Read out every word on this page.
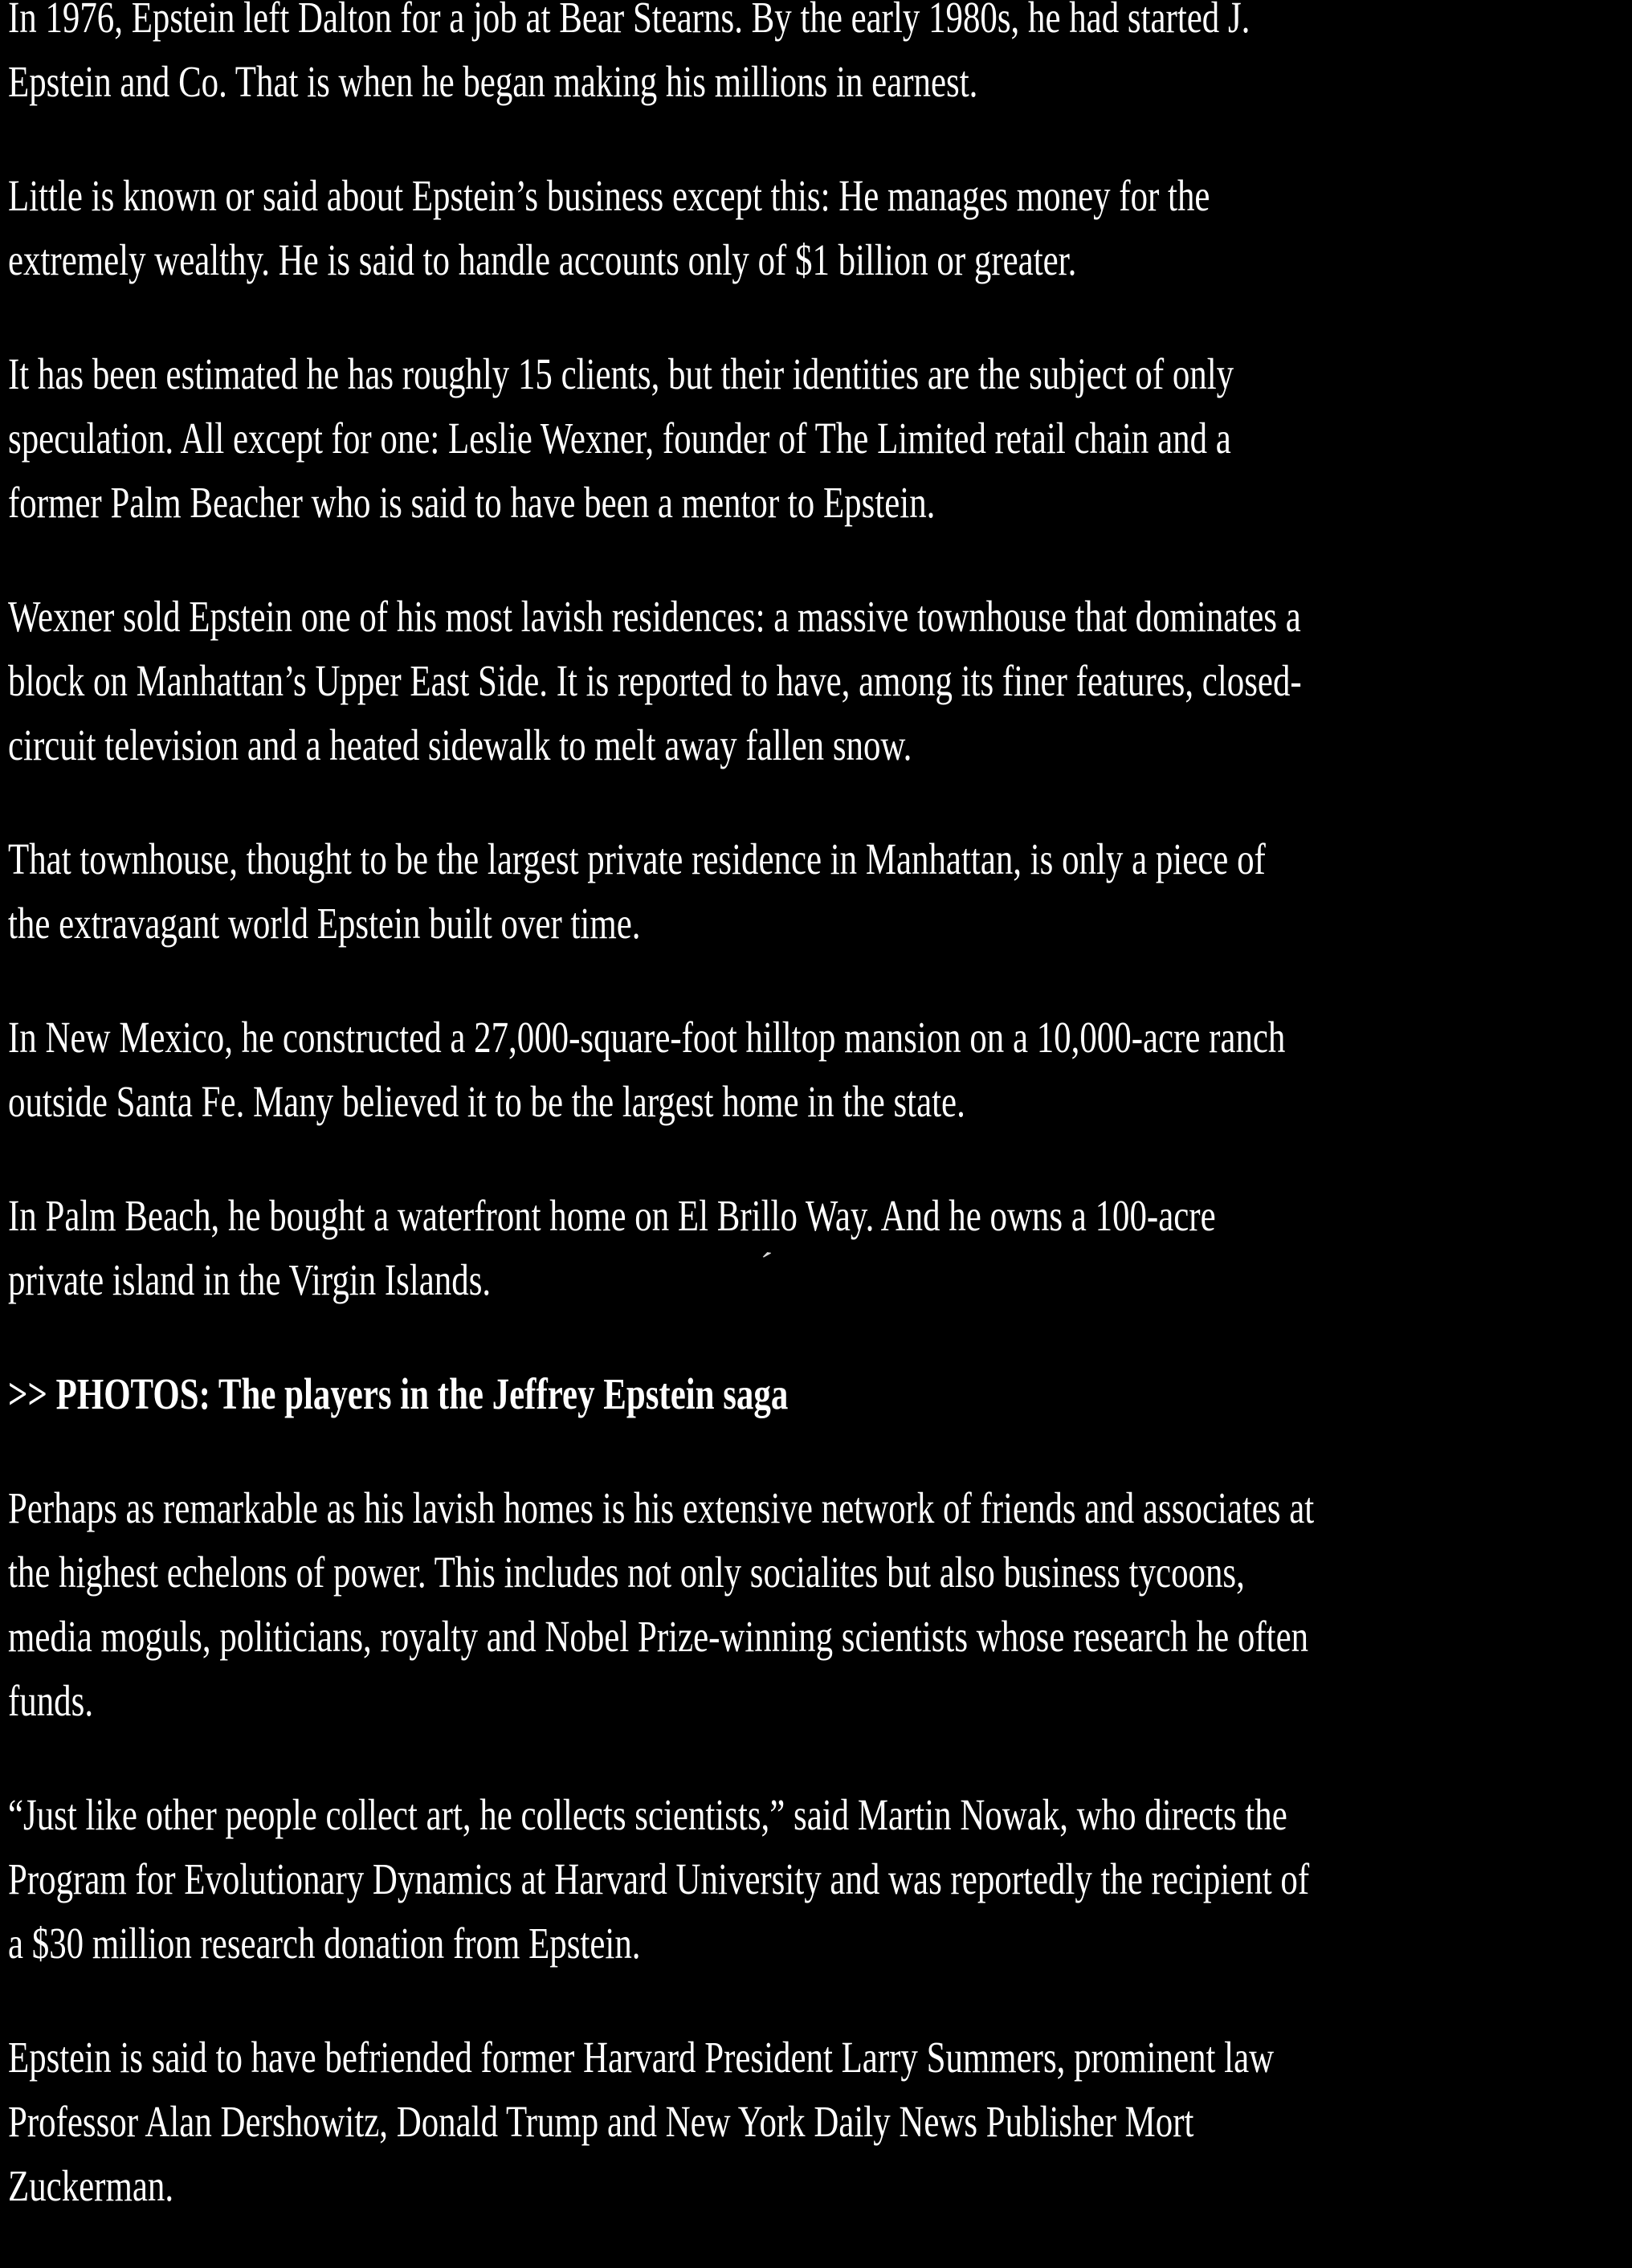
In 1976, Epstein left Dalton for a job at Bear Stearns. By the early 1980s, he had started J.
Epstein and Co. That is when he began making his millions in earnest.
Little is known or said about Epstein’s business except this: He manages money for the
extremely wealthy. He is said to handle accounts only of $1 billion or greater.
It has been estimated he has roughly 15 clients, but their identities are the subject of only
speculation. All except for one: Leslie Wexner, founder of The Limited retail chain and a
former Palm Beacher who is said to have been a mentor to Epstein.
Wexner sold Epstein one of his most lavish residences: a massive townhouse that dominates a
block on Manhattan’s Upper East Side. It is reported to have, among its finer features, closed-
circuit television and a heated sidewalk to melt away fallen snow.
That townhouse, thought to be the largest private residence in Manhattan, is only a piece of
the extravagant world Epstein built over time.
In New Mexico, he constructed a 27,000-square-foot hilltop mansion on a 10,000-acre ranch
outside Santa Fe. Many believed it to be the largest home in the state.
In Palm Beach, he bought a waterfront home on El Brillo Way. And he owns a 100-acre
private island in the Virgin Islands.
>> PHOTOS: The players in the Jeffrey Epstein saga
Perhaps as remarkable as his lavish homes is his extensive network of friends and associates at
the highest echelons of power. This includes not only socialites but also business tycoons,
media moguls, politicians, royalty and Nobel Prize-winning scientists whose research he often
funds.
“Just like other people collect art, he collects scientists,” said Martin Nowak, who directs the
Program for Evolutionary Dynamics at Harvard University and was reportedly the recipient of
a $30 million research donation from Epstein.
Epstein is said to have befriended former Harvard President Larry Summers, prominent law
Professor Alan Dershowitz, Donald Trump and New York Daily News Publisher Mort
Zuckerman.
´
